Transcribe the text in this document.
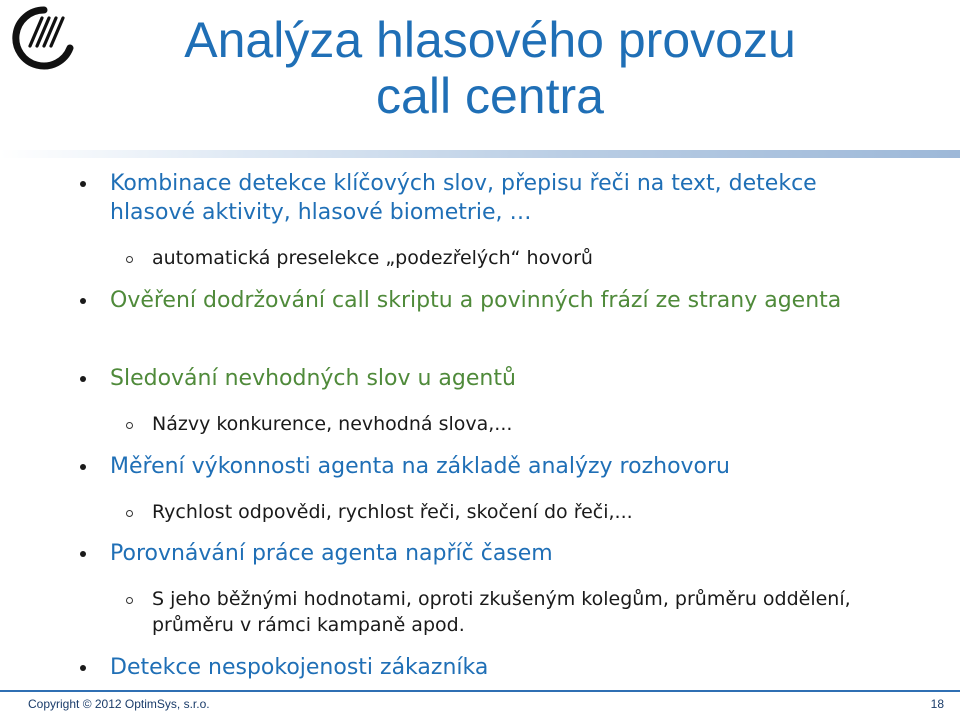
Analýza hlasového provozu
call centra

Kombinace detekce klíčových slov, přepisu řeči na text, detekce hlasové aktivity, hlasové biometrie, …

automatická preselekce „podezřelých“ hovorů

Ověření dodržování call skriptu a povinných frází ze strany agenta

Sledování nevhodných slov u agentů

Názvy konkurence, nevhodná slova,...

Měření výkonnosti agenta na základě analýzy rozhovoru

Rychlost odpovědi, rychlost řeči, skočení do řeči,...

Porovnávání práce agenta napříč časem

S jeho běžnými hodnotami, oproti zkušeným kolegům, průměru oddělení, průměru v rámci kampaně apod.

Detekce nespokojenosti zákazníka

Copyright © 2012 OptimSys, s.r.o.	18
